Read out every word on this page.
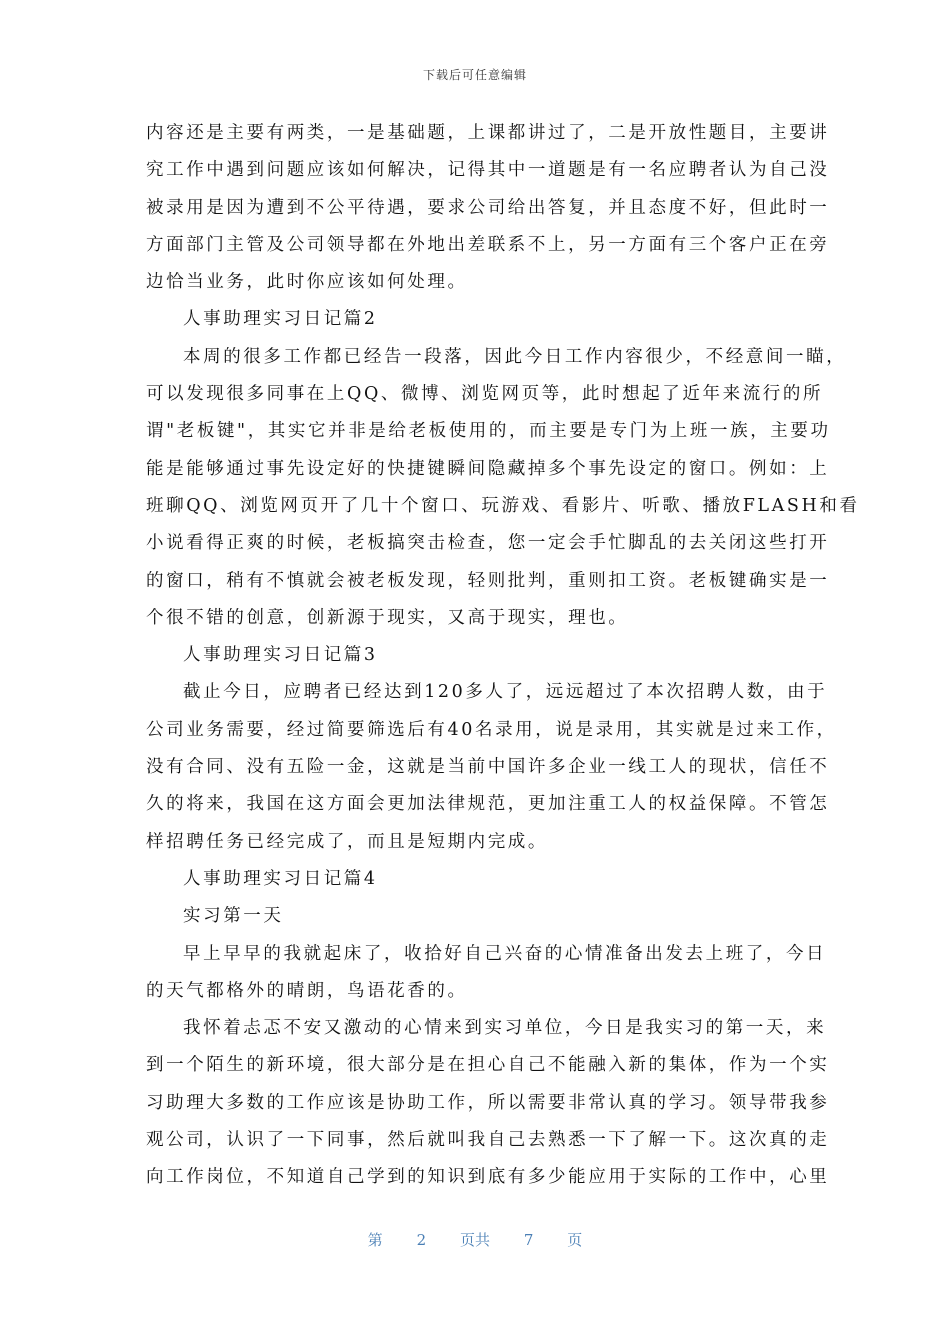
下载后可任意编辑
内容还是主要有两类，一是基础题，上课都讲过了，二是开放性题目，主要讲
究工作中遇到问题应该如何解决，记得其中一道题是有一名应聘者认为自己没
被录用是因为遭到不公平待遇，要求公司给出答复，并且态度不好，但此时一
方面部门主管及公司领导都在外地出差联系不上，另一方面有三个客户正在旁
边恰当业务，此时你应该如何处理。
人事助理实习日记篇2
本周的很多工作都已经告一段落，因此今日工作内容很少，不经意间一瞄，
可以发现很多同事在上QQ、微博、浏览网页等，此时想起了近年来流行的所
谓"老板键"，其实它并非是给老板使用的，而主要是专门为上班一族，主要功
能是能够通过事先设定好的快捷键瞬间隐藏掉多个事先设定的窗口。例如：上
班聊QQ、浏览网页开了几十个窗口、玩游戏、看影片、听歌、播放FLASH和看
小说看得正爽的时候，老板搞突击检查，您一定会手忙脚乱的去关闭这些打开
的窗口，稍有不慎就会被老板发现，轻则批判，重则扣工资。老板键确实是一
个很不错的创意，创新源于现实，又高于现实，理也。
人事助理实习日记篇3
截止今日，应聘者已经达到120多人了，远远超过了本次招聘人数，由于
公司业务需要，经过简要筛选后有40名录用，说是录用，其实就是过来工作，
没有合同、没有五险一金，这就是当前中国许多企业一线工人的现状，信任不
久的将来，我国在这方面会更加法律规范，更加注重工人的权益保障。不管怎
样招聘任务已经完成了，而且是短期内完成。
人事助理实习日记篇4
实习第一天
早上早早的我就起床了，收拾好自己兴奋的心情准备出发去上班了，今日
的天气都格外的晴朗，鸟语花香的。
我怀着忐忑不安又激动的心情来到实习单位，今日是我实习的第一天，来
到一个陌生的新环境，很大部分是在担心自己不能融入新的集体，作为一个实
习助理大多数的工作应该是协助工作，所以需要非常认真的学习。领导带我参
观公司，认识了一下同事，然后就叫我自己去熟悉一下了解一下。这次真的走
向工作岗位，不知道自己学到的知识到底有多少能应用于实际的工作中，心里
第 2 页共 7 页
